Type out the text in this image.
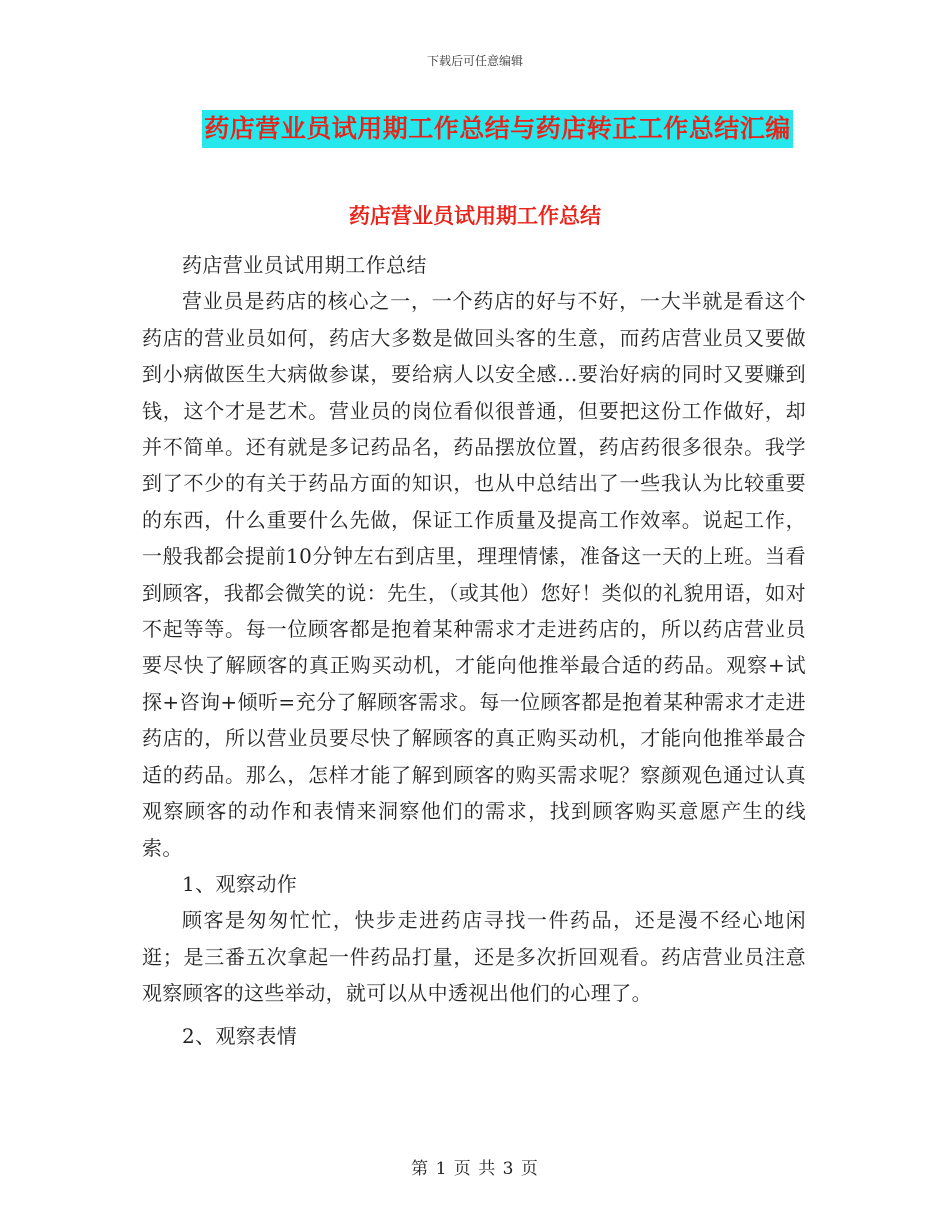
下载后可任意编辑
药店营业员试用期工作总结与药店转正工作总结汇编
药店营业员试用期工作总结

药店营业员试用期工作总结

营业员是药店的核心之一，一个药店的好与不好，一大半就是看这个药店的营业员如何，药店大多数是做回头客的生意，而药店营业员又要做到小病做医生大病做参谋，要给病人以安全感...要治好病的同时又要赚到钱，这个才是艺术。营业员的岗位看似很普通，但要把这份工作做好，却并不简单。还有就是多记药品名，药品摆放位置，药店药很多很杂。我学到了不少的有关于药品方面的知识，也从中总结出了一些我认为比较重要的东西，什么重要什么先做，保证工作质量及提高工作效率。说起工作，一般我都会提前10分钟左右到店里，理理情愫，准备这一天的上班。当看到顾客，我都会微笑的说：先生，（或其他）您好！类似的礼貌用语，如对不起等等。每一位顾客都是抱着某种需求才走进药店的，所以药店营业员要尽快了解顾客的真正购买动机，才能向他推举最合适的药品。观察+试探+咨询+倾听=充分了解顾客需求。每一位顾客都是抱着某种需求才走进药店的，所以营业员要尽快了解顾客的真正购买动机，才能向他推举最合适的药品。那么，怎样才能了解到顾客的购买需求呢？察颜观色通过认真观察顾客的动作和表情来洞察他们的需求，找到顾客购买意愿产生的线索。

1、观察动作

顾客是匆匆忙忙，快步走进药店寻找一件药品，还是漫不经心地闲逛；是三番五次拿起一件药品打量，还是多次折回观看。药店营业员注意观察顾客的这些举动，就可以从中透视出他们的心理了。

2、观察表情

第 1 页 共 3 页
